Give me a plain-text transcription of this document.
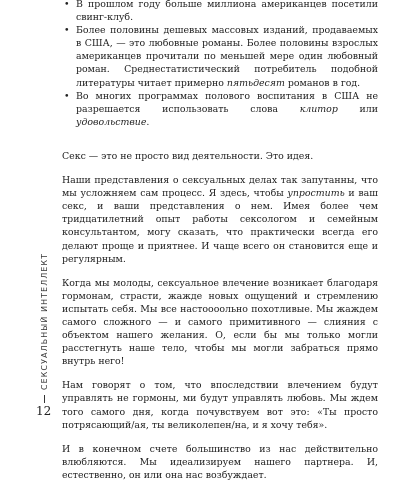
• В прошлом году больше миллиона американцев посетили свинг-клуб.
• Более половины дешевых массовых изданий, продаваемых в США, — это любовные романы. Более половины взрослых американцев прочитали по меньшей мере один любовный роман. Среднестатистический потребитель подобной литературы читает примерно пятьдесят романов в год.
• Во многих программах полового воспитания в США не разрешается использовать слова клитор или удовольствие.

Секс — это не просто вид деятельности. Это идея.

Наши представления о сексуальных делах так запутанны, что мы усложняем сам процесс. Я здесь, чтобы упростить и ваш секс, и ваши представления о нем. Имея более чем тридцатилетний опыт работы сексологом и семейным консультантом, могу сказать, что практически всегда его делают проще и приятнее. И чаще всего он становится еще и регулярным.

Когда мы молоды, сексуальное влечение возникает благодаря гормонам, страсти, жажде новых ощущений и стремлению испытать себя. Мы все настоооольно похотливые. Мы жаждем самого сложного — и самого примитивного — слияния с объектом нашего желания. О, если бы мы только могли расстегнуть наше тело, чтобы мы могли забраться прямо внутрь него!

Нам говорят о том, что впоследствии влечением будут управлять не гормоны, ми будут управлять любовь. Мы ждем того самого дня, когда почувствуем вот это: «Ты просто потрясающий/ая, ты великолепен/на, и я хочу тебя».

И в конечном счете большинство из нас действительно влюбляются. Мы идеализируем нашего партнера. И, естественно, он или она нас возбуждает.

СЕКСУАЛЬНЫЙ ИНТЕЛЛЕКТ
12
